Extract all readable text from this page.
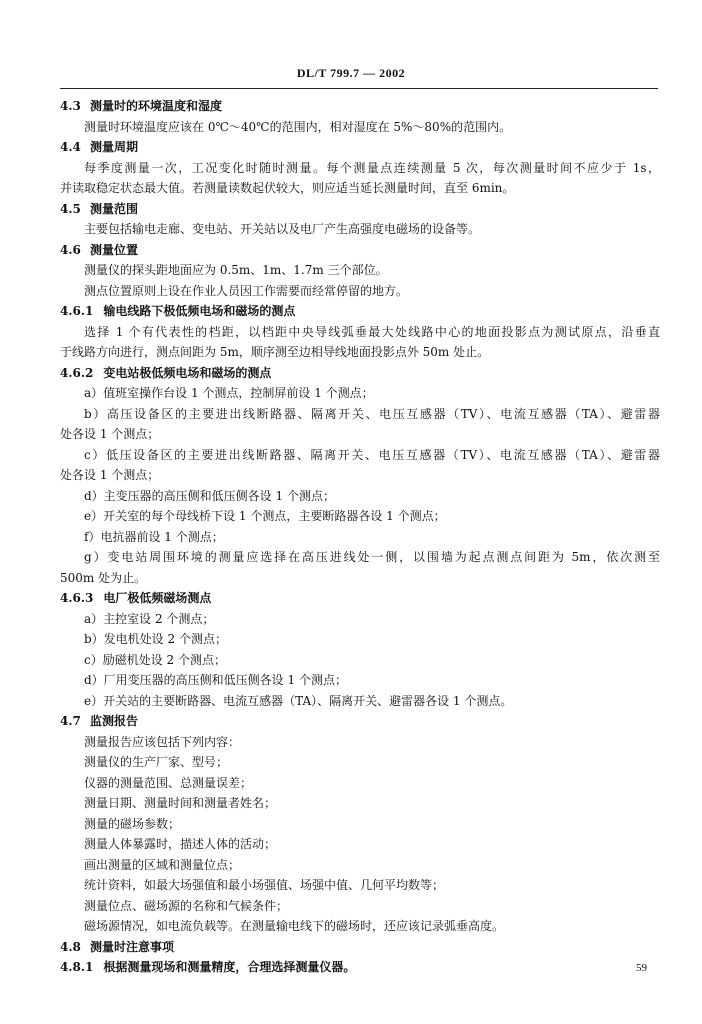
DL/T 799.7 — 2002
4.3 测量时的环境温度和湿度
测量时环境温度应该在 0℃～40℃的范围内，相对湿度在 5%～80%的范围内。
4.4 测量周期
每季度测量一次，工况变化时随时测量。每个测量点连续测量 5 次，每次测量时间不应少于 1s，
并读取稳定状态最大值。若测量读数起伏较大，则应适当延长测量时间，直至 6min。
4.5 测量范围
主要包括输电走廊、变电站、开关站以及电厂产生高强度电磁场的设备等。
4.6 测量位置
测量仪的探头距地面应为 0.5m、1m、1.7m 三个部位。
测点位置原则上设在作业人员因工作需要而经常停留的地方。
4.6.1 输电线路下极低频电场和磁场的测点
选择 1 个有代表性的档距，以档距中央导线弧垂最大处线路中心的地面投影点为测试原点，沿垂直
于线路方向进行，测点间距为 5m，顺序测至边相导线地面投影点外 50m 处止。
4.6.2 变电站极低频电场和磁场的测点
a）值班室操作台设 1 个测点，控制屏前设 1 个测点；
b）高压设备区的主要进出线断路器、隔离开关、电压互感器（TV）、电流互感器（TA）、避雷器
处各设 1 个测点；
c）低压设备区的主要进出线断路器、隔离开关、电压互感器（TV）、电流互感器（TA）、避雷器
处各设 1 个测点；
d）主变压器的高压侧和低压侧各设 1 个测点；
e）开关室的每个母线桥下设 1 个测点，主要断路器各设 1 个测点；
f）电抗器前设 1 个测点；
g）变电站周围环境的测量应选择在高压进线处一侧，以围墙为起点测点间距为 5m，依次测至
500m 处为止。
4.6.3 电厂极低频磁场测点
a）主控室设 2 个测点；
b）发电机处设 2 个测点；
c）励磁机处设 2 个测点；
d）厂用变压器的高压侧和低压侧各设 1 个测点；
e）开关站的主要断路器、电流互感器（TA）、隔离开关、避雷器各设 1 个测点。
4.7 监测报告
测量报告应该包括下列内容：
测量仪的生产厂家、型号；
仪器的测量范围、总测量误差；
测量日期、测量时间和测量者姓名；
测量的磁场参数；
测量人体暴露时，描述人体的活动；
画出测量的区域和测量位点；
统计资料，如最大场强值和最小场强值、场强中值、几何平均数等；
测量位点、磁场源的名称和气候条件；
磁场源情况，如电流负载等。在测量输电线下的磁场时，还应该记录弧垂高度。
4.8 测量时注意事项
4.8.1 根据测量现场和测量精度，合理选择测量仪器。	59
